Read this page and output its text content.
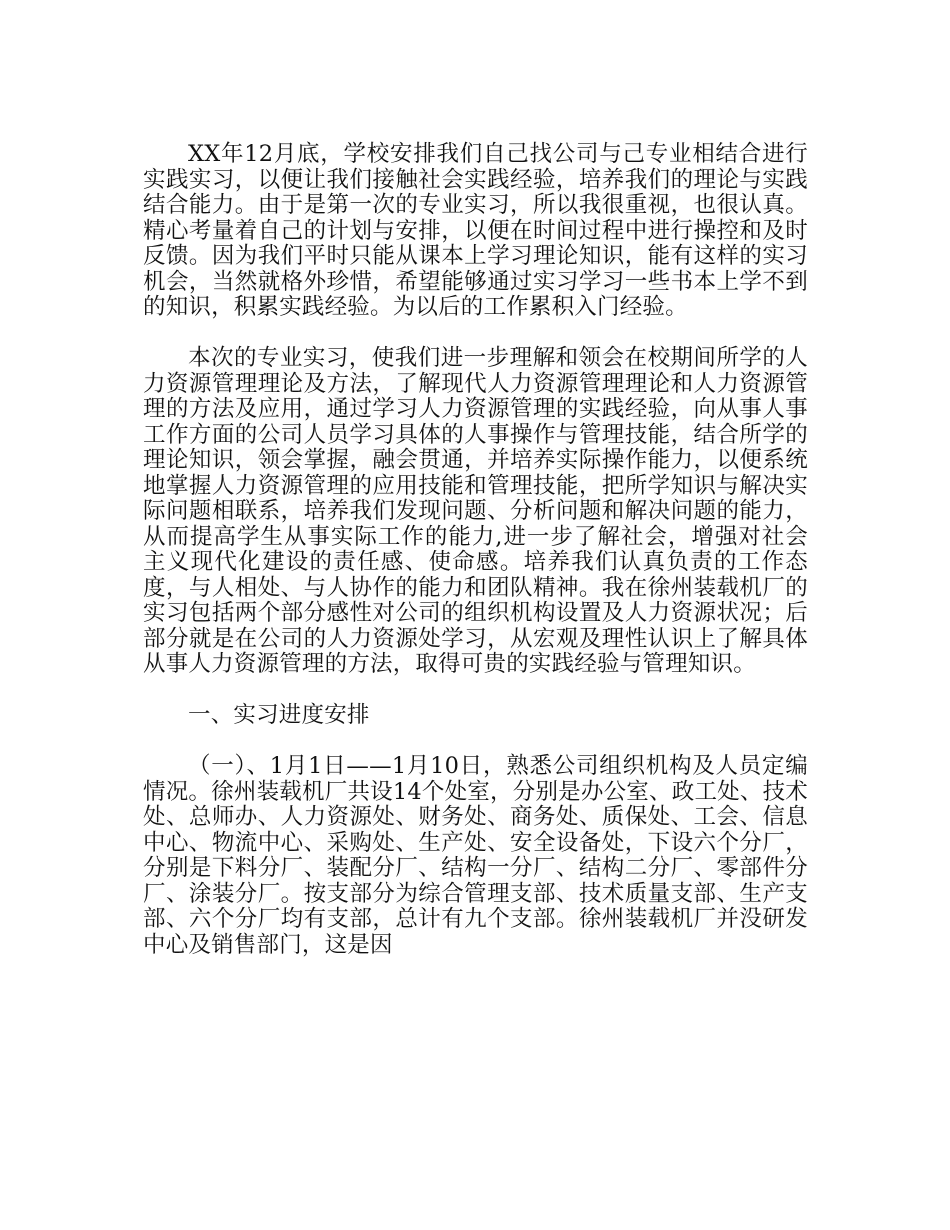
XX年12月底，学校安排我们自己找公司与己专业相结合进行实践实习，以便让我们接触社会实践经验，培养我们的理论与实践结合能力。由于是第一次的专业实习，所以我很重视，也很认真。精心考量着自己的计划与安排，以便在时间过程中进行操控和及时反馈。因为我们平时只能从课本上学习理论知识，能有这样的实习机会，当然就格外珍惜，希望能够通过实习学习一些书本上学不到的知识，积累实践经验。为以后的工作累积入门经验。

本次的专业实习，使我们进一步理解和领会在校期间所学的人力资源管理理论及方法，了解现代人力资源管理理论和人力资源管理的方法及应用，通过学习人力资源管理的实践经验，向从事人事工作方面的公司人员学习具体的人事操作与管理技能，结合所学的理论知识，领会掌握，融会贯通，并培养实际操作能力，以便系统地掌握人力资源管理的应用技能和管理技能，把所学知识与解决实际问题相联系，培养我们发现问题、分析问题和解决问题的能力，从而提高学生从事实际工作的能力,进一步了解社会，增强对社会主义现代化建设的责任感、使命感。培养我们认真负责的工作态度，与人相处、与人协作的能力和团队精神。我在徐州装载机厂的实习包括两个部分感性对公司的组织机构设置及人力资源状况；后部分就是在公司的人力资源处学习，从宏观及理性认识上了解具体从事人力资源管理的方法，取得可贵的实践经验与管理知识。

一、实习进度安排

（一）、1月1日——1月10日，熟悉公司组织机构及人员定编情况。徐州装载机厂共设14个处室，分别是办公室、政工处、技术处、总师办、人力资源处、财务处、商务处、质保处、工会、信息中心、物流中心、采购处、生产处、安全设备处，下设六个分厂，分别是下料分厂、装配分厂、结构一分厂、结构二分厂、零部件分厂、涂装分厂。按支部分为综合管理支部、技术质量支部、生产支部、六个分厂均有支部，总计有九个支部。徐州装载机厂并没研发中心及销售部门，这是因
